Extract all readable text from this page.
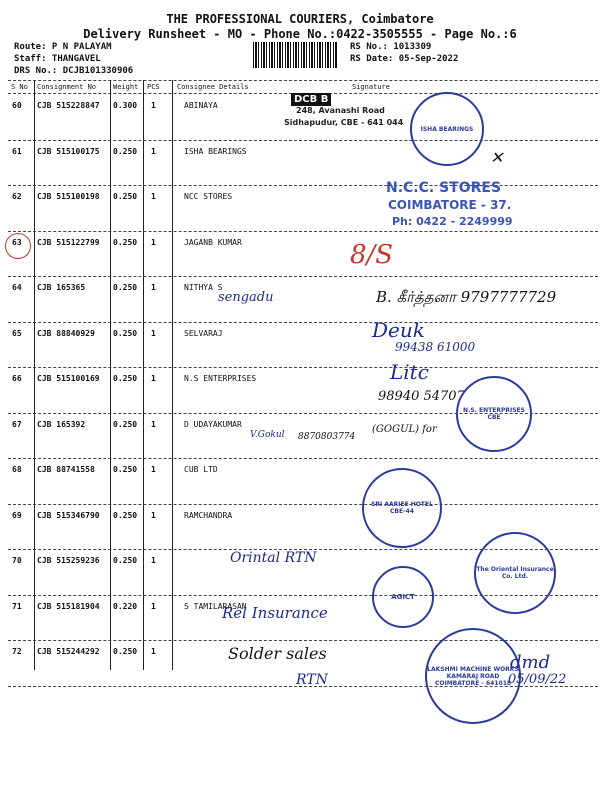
THE PROFESSIONAL COURIERS, Coimbatore
Delivery Runsheet - MO - Phone No.:0422-3505555 - Page No.:6
Route: P N PALAYAM
Staff: THANGAVEL
DRS No.: DCJB101330906
RS No.: 1013309
RS Date: 05-Sep-2022
S No Consignment No Weight PCS Consignee Details	Signature
60 CJB 515228847 0.300 1	ABINAYA
61 CJB 515100175 0.250 1	ISHA BEARINGS
62 CJB 515100198 0.250 1	NCC STORES
63 CJB 515122799 0.250 1	JAGANB KUMAR
64 CJB 165365	0.250 1	NITHYA S
65 CJB 88840929 0.250 1	SELVARAJ
66 CJB 515100169 0.250 1	N.S ENTERPRISES
67 CJB 165392	0.250 1	D UDAYAKUMAR
68 CJB 88741558 0.250 1	CUB LTD
69 CJB 515346790 0.250 1	RAMCHANDRA
70 CJB 515259236 0.250 1
71 CJB 515181904 0.220 1	S TAMILARASAN
72 CJB 515244292 0.250 1
DCB B
248, Avanashi Road
Sidhapudur, CBE - 641 044
ISHA BEARINGS
✕
N.C.C. STORES
COIMBATORE - 37.
Ph: 0422 - 2249999
8/S
sengadu	B. கீர்த்தனா 9797777729
99438 61000
Deuk
Litc
98940 54707
N.S. ENTERPRISES CBE
V.Gokul 8870803774
(GOGUL) for
SRI AARIEE HOTEL CBE-44
Orintal RTN
The Oriental Insurance Co. Ltd.
AGICT
Rel Insurance
Solder sales
RTN
LAKSHMI MACHINE WORKS KAMARAJ ROAD COIMBATORE - 641018
dmd
05/09/22
